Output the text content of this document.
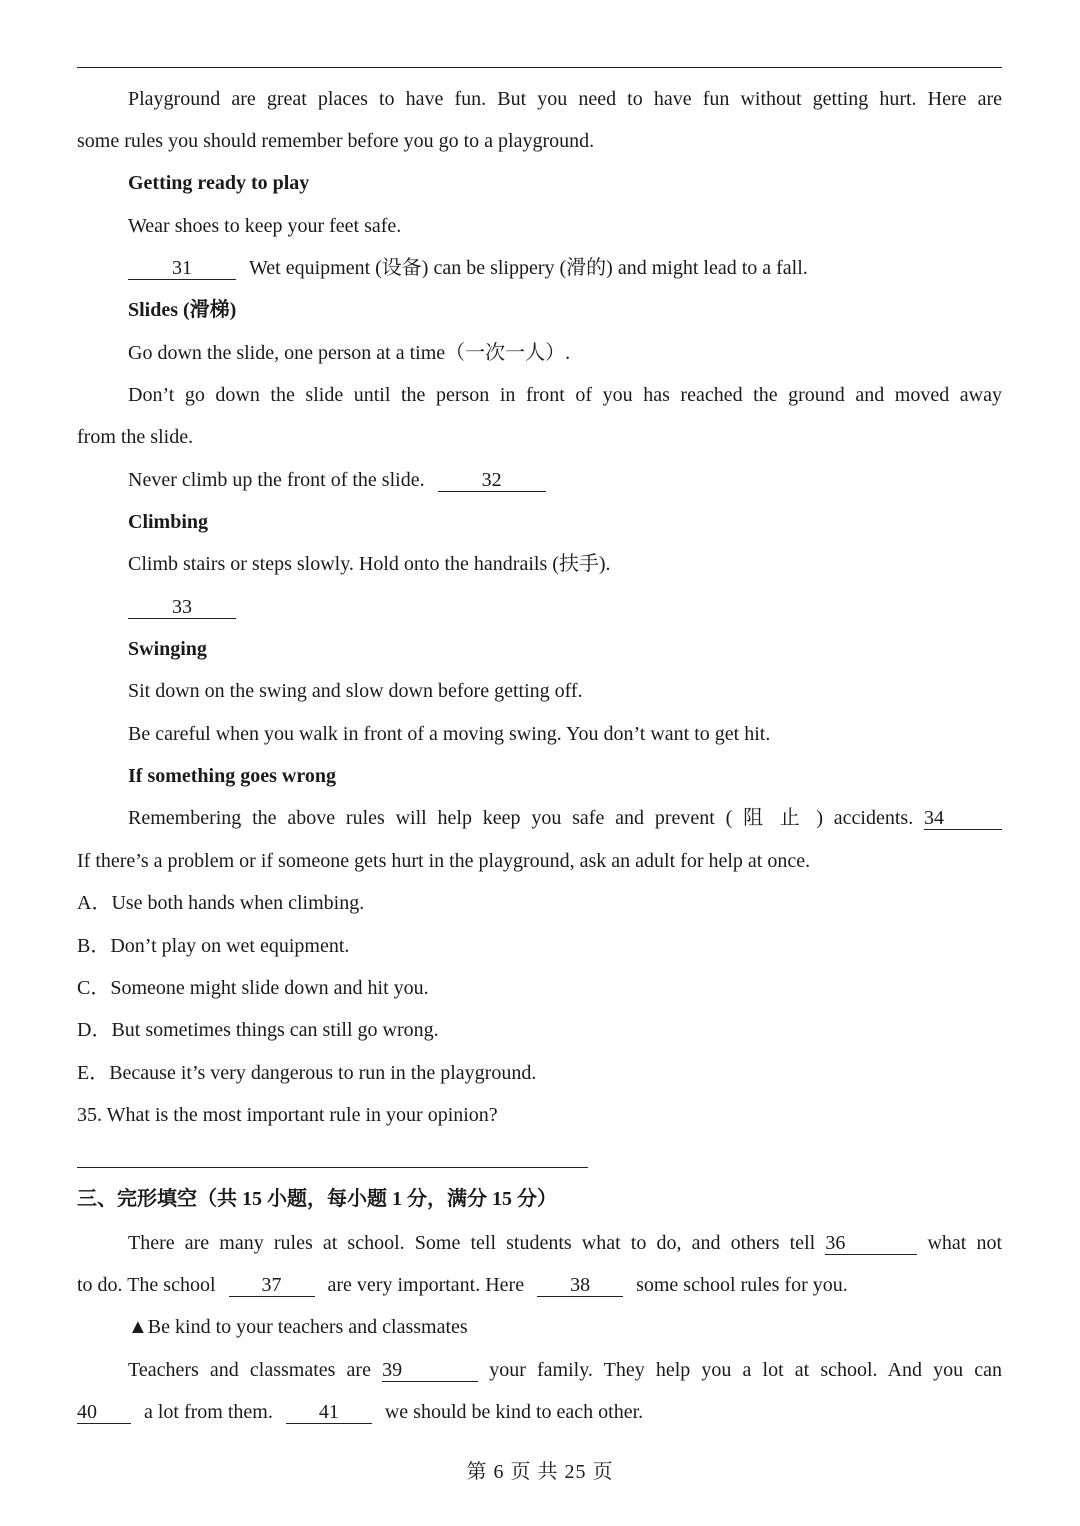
Playground are great places to have fun. But you need to have fun without getting hurt. Here are
some rules you should remember before you go to a playground.
Getting ready to play
Wear shoes to keep your feet safe.
31	Wet equipment (设备) can be slippery (滑的) and might lead to a fall.
Slides (滑梯)
Go down the slide, one person at a time（一次一人）.
Don’t go down the slide until the person in front of you has reached the ground and moved away
from the slide.
Never climb up the front of the slide.	32
Climbing
Climb stairs or steps slowly. Hold onto the handrails (扶手).
33
Swinging
Sit down on the swing and slow down before getting off.
Be careful when you walk in front of a moving swing. You don’t want to get hit.
If something goes wrong
Remembering the above rules will help keep you safe and prevent ( 阻 止 ) accidents. 34
If there’s a problem or if someone gets hurt in the playground, ask an adult for help at once.
A．Use both hands when climbing.
B．Don’t play on wet equipment.
C．Someone might slide down and hit you.
D．But sometimes things can still go wrong.
E．Because it’s very dangerous to run in the playground.
35. What is the most important rule in your opinion?
三、完形填空（共 15 小题，每小题 1 分，满分 15 分）
There are many rules at school. Some tell students what to do, and others tell 36	what not
to do. The school 37 are very important. Here 38 some school rules for you.
▲Be kind to your teachers and classmates
Teachers and classmates are 39	your family. They help you a lot at school. And you can
40 a lot from them. 41 we should be kind to each other.
第 6 页 共 25 页
